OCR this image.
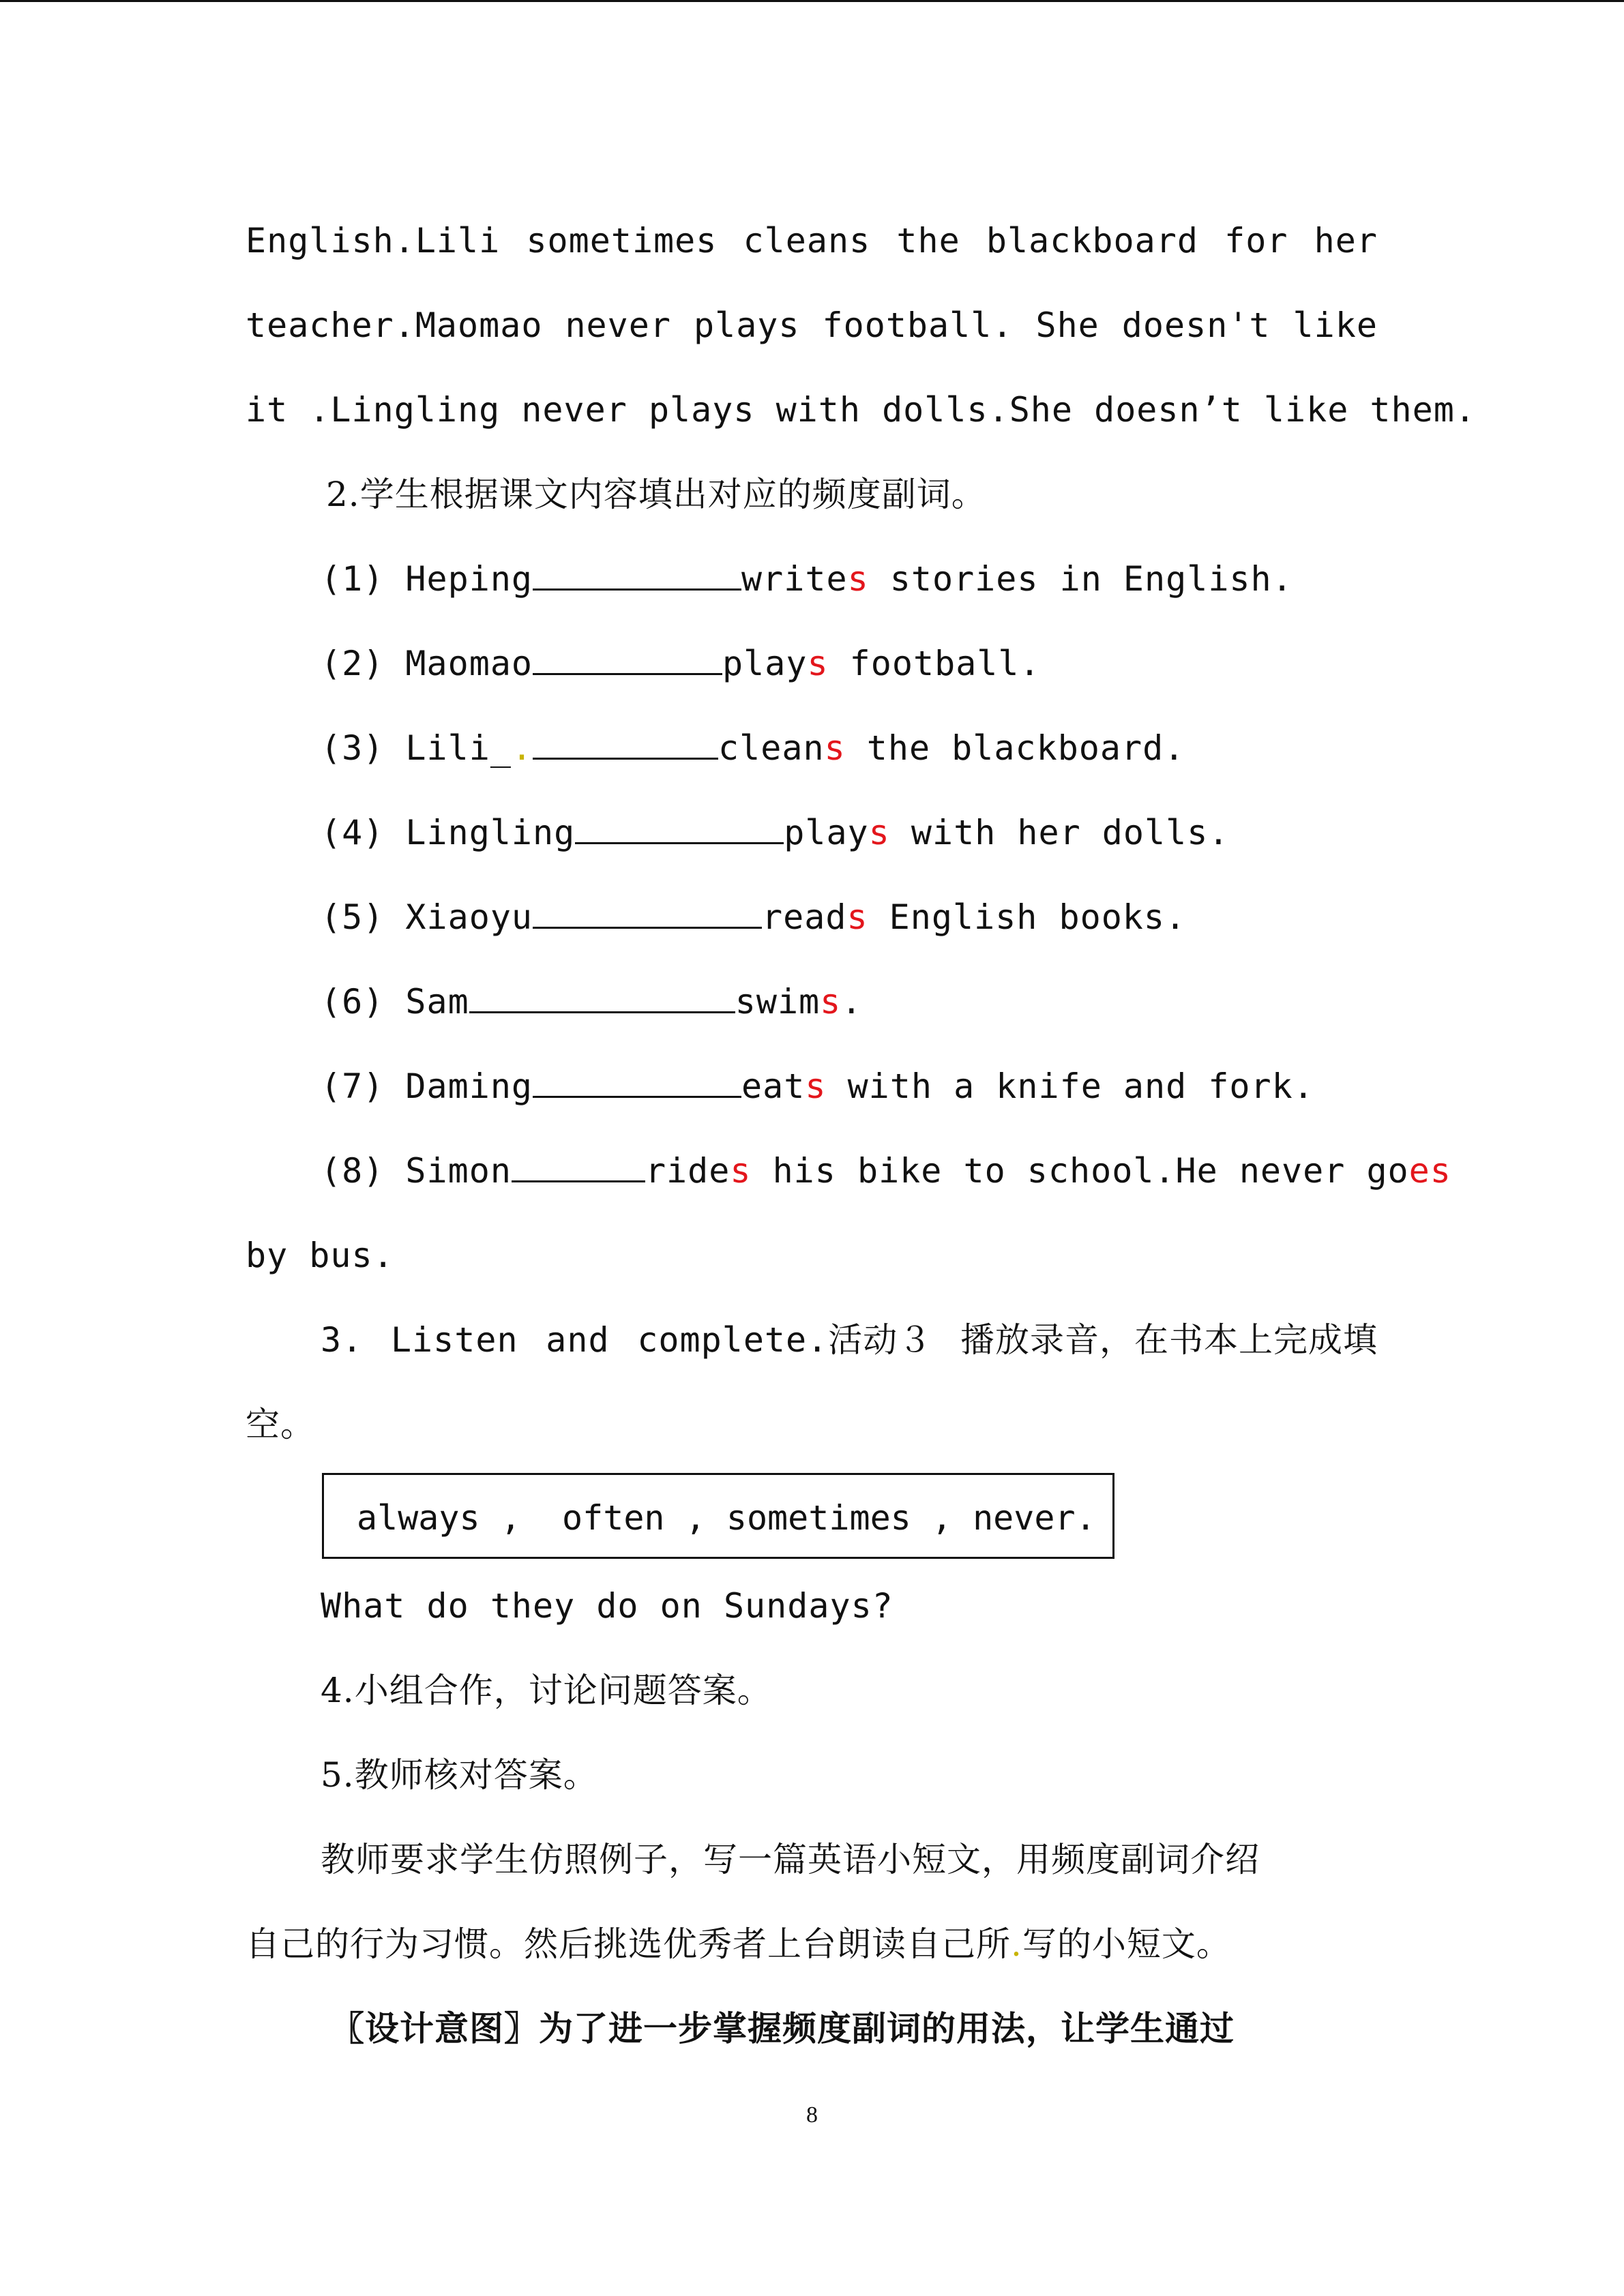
English.Lili sometimes cleans the blackboard for her
teacher.Maomao never plays football. She doesn't like
it .Lingling never plays with dolls.She doesn’t like them.
2.学生根据课文内容填出对应的频度副词。
(1) Heping	writes stories in English.
(2) Maomao	plays football.
(3) Lili_.	cleans the blackboard.
(4) Lingling	plays with her dolls.
(5) Xiaoyu	reads English books.
(6) Sam	swims.
(7) Daming	eats with a knife and fork.
(8) Simon	rides his bike to school.He never goes
by bus.
3. Listen and complete.活动３ 播放录音，在书本上完成填
空。
always ,  often , sometimes , never.
What do they do on Sundays?
4.小组合作，讨论问题答案。
5.教师核对答案。
教师要求学生仿照例子，写一篇英语小短文，用频度副词介绍
自己的行为习惯。然后挑选优秀者上台朗读自己所.写的小短文。
〖设计意图〗为了进一步掌握频度副词的用法，让学生通过
8
